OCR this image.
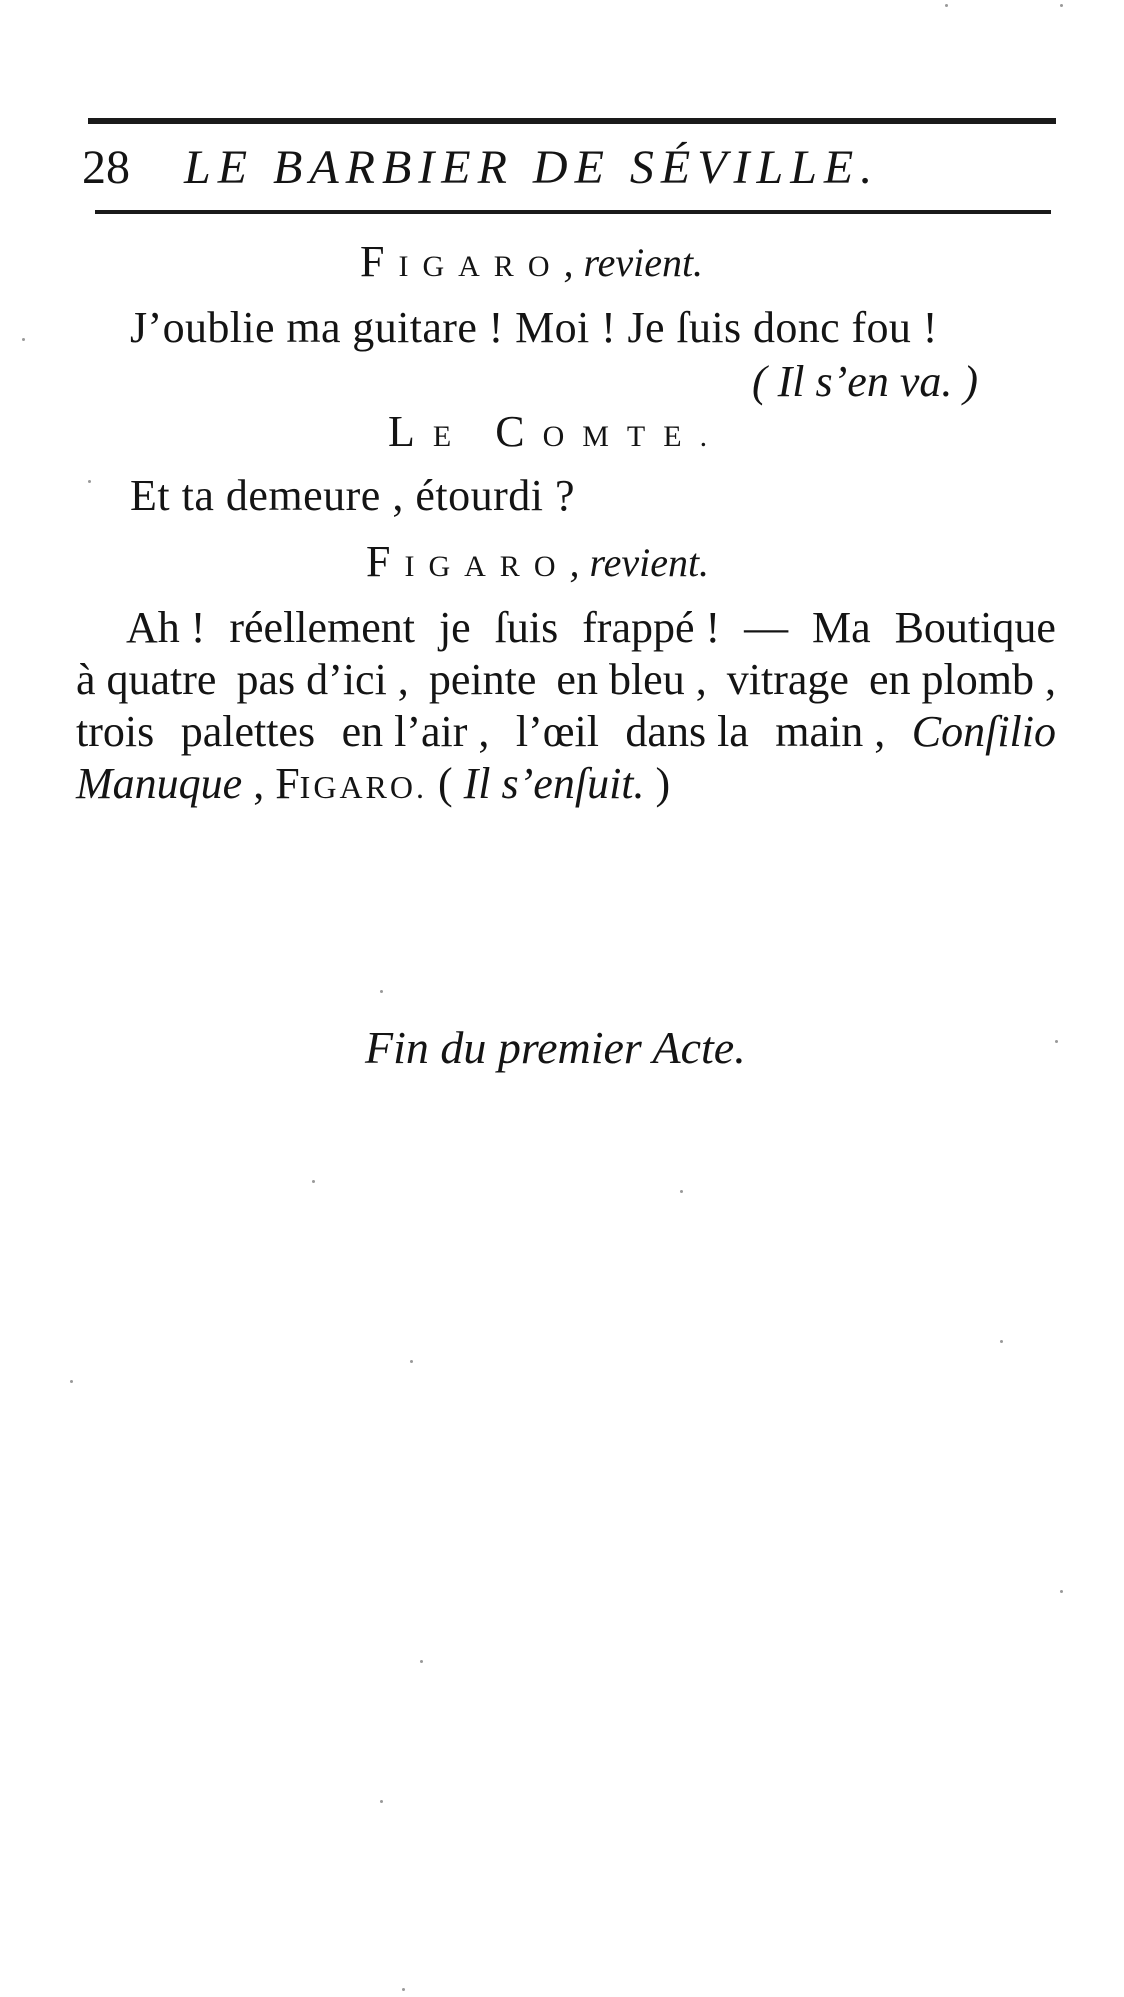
28 LE BARBIER DE SÉVILLE.
FIGARO, revient.
J’oublie ma guitare ! Moi ! Je ſuis donc fou !
( Il s’en va. )
LE COMTE.
Et ta demeure , étourdi ?
FIGARO, revient.
Ah ! réellement je ſuis frappé ! — Ma Boutique
à quatre pas d’ici , peinte en bleu , vitrage en plomb ,
trois palettes en l’air , l’œil dans la main , Conſilio
Manuque , FIGARO. ( Il s’enſuit. )
Fin du premier Acte.
